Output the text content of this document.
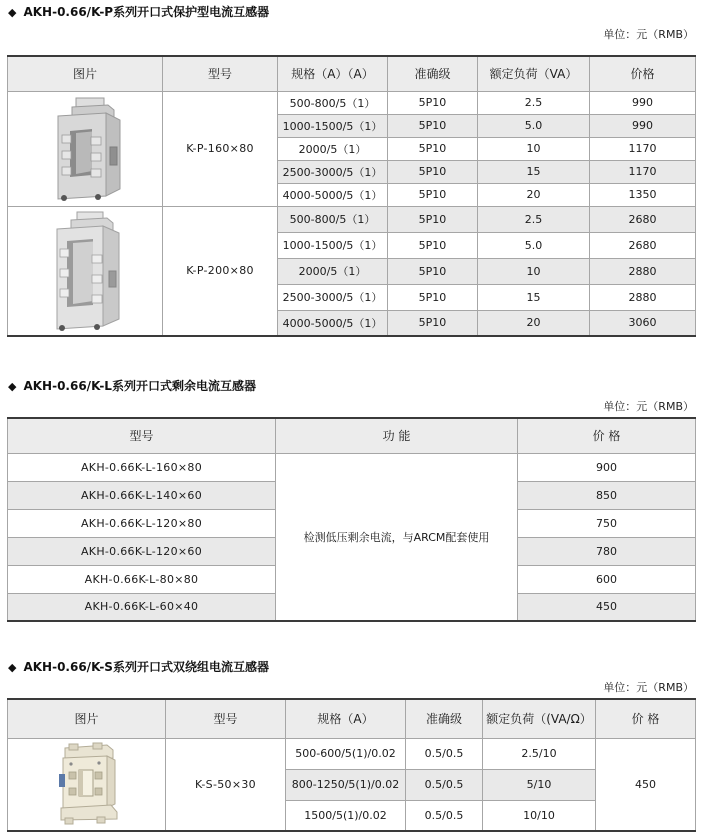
◆ AKH-0.66/K-P系列开口式保护型电流互感器
单位：元（RMB）
图片	型号	规格（A）（A）	准确级	额定负荷（VA）	价格

	K-P-160×80	500-800/5（1）	5P10	2.5	990
		1000-1500/5（1）	5P10	5.0	990
		2000/5（1）	5P10	10	1170
		2500-3000/5（1）	5P10	15	1170
		4000-5000/5（1）	5P10	20	1350

	K-P-200×80	500-800/5（1）	5P10	2.5	2680
		1000-1500/5（1）	5P10	5.0	2680
		2000/5（1）	5P10	10	2880
		2500-3000/5（1）	5P10	15	2880
		4000-5000/5（1）	5P10	20	3060
◆ AKH-0.66/K-L系列开口式剩余电流互感器
单位：元（RMB）
型号	功 能	价 格
AKH-0.66K-L-160×80	检测低压剩余电流，与ARCM配套使用	900
AKH-0.66K-L-140×60		850
AKH-0.66K-L-120×80		750
AKH-0.66K-L-120×60		780
AKH-0.66K-L-80×80		600
AKH-0.66K-L-60×40		450
◆ AKH-0.66/K-S系列开口式双绕组电流互感器
单位：元（RMB）
图片	型号	规格（A）	准确级	额定负荷（(VA/Ω）	价 格

	K-S-50×30	500-600/5(1)/0.02	0.5/0.5	2.5/10	450
		800-1250/5(1)/0.02	0.5/0.5	5/10	
		1500/5(1)/0.02	0.5/0.5	10/10	
